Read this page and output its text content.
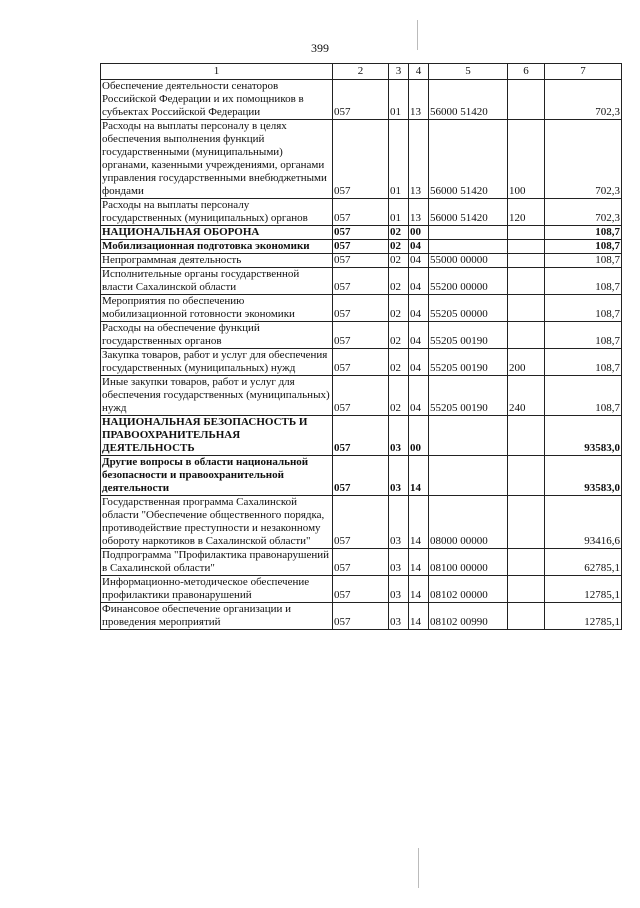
399
1	2	3	4	5	6	7
Обеспечение деятельности сенаторов Российской Федерации и их помощников в субъектах Российской Федерации	057	01	13	56000 51420		702,3
Расходы на выплаты персоналу в целях обеспечения выполнения функций государственными (муниципальными) органами, казенными учреждениями, органами управления государственными внебюджетными фондами	057	01	13	56000 51420	100	702,3
Расходы на выплаты персоналу государственных (муниципальных) органов	057	01	13	56000 51420	120	702,3
НАЦИОНАЛЬНАЯ ОБОРОНА	057	02	00			108,7
Мобилизационная подготовка экономики	057	02	04			108,7
Непрограммная деятельность	057	02	04	55000 00000		108,7
Исполнительные органы государственной власти Сахалинской области	057	02	04	55200 00000		108,7
Мероприятия по обеспечению мобилизационной готовности экономики	057	02	04	55205 00000		108,7
Расходы на обеспечение функций государственных органов	057	02	04	55205 00190		108,7
Закупка товаров, работ и услуг для обеспечения государственных (муниципальных) нужд	057	02	04	55205 00190	200	108,7
Иные закупки товаров, работ и услуг для обеспечения государственных (муниципальных) нужд	057	02	04	55205 00190	240	108,7
НАЦИОНАЛЬНАЯ БЕЗОПАСНОСТЬ И ПРАВООХРАНИТЕЛЬНАЯ ДЕЯТЕЛЬНОСТЬ	057	03	00			93583,0
Другие вопросы в области национальной безопасности и правоохранительной деятельности	057	03	14			93583,0
Государственная программа Сахалинской области "Обеспечение общественного порядка, противодействие преступности и незаконному обороту наркотиков в Сахалинской области"	057	03	14	08000 00000		93416,6
Подпрограмма "Профилактика правонарушений в Сахалинской области"	057	03	14	08100 00000		62785,1
Информационно-методическое обеспечение профилактики правонарушений	057	03	14	08102 00000		12785,1
Финансовое обеспечение организации и проведения мероприятий	057	03	14	08102 00990		12785,1
